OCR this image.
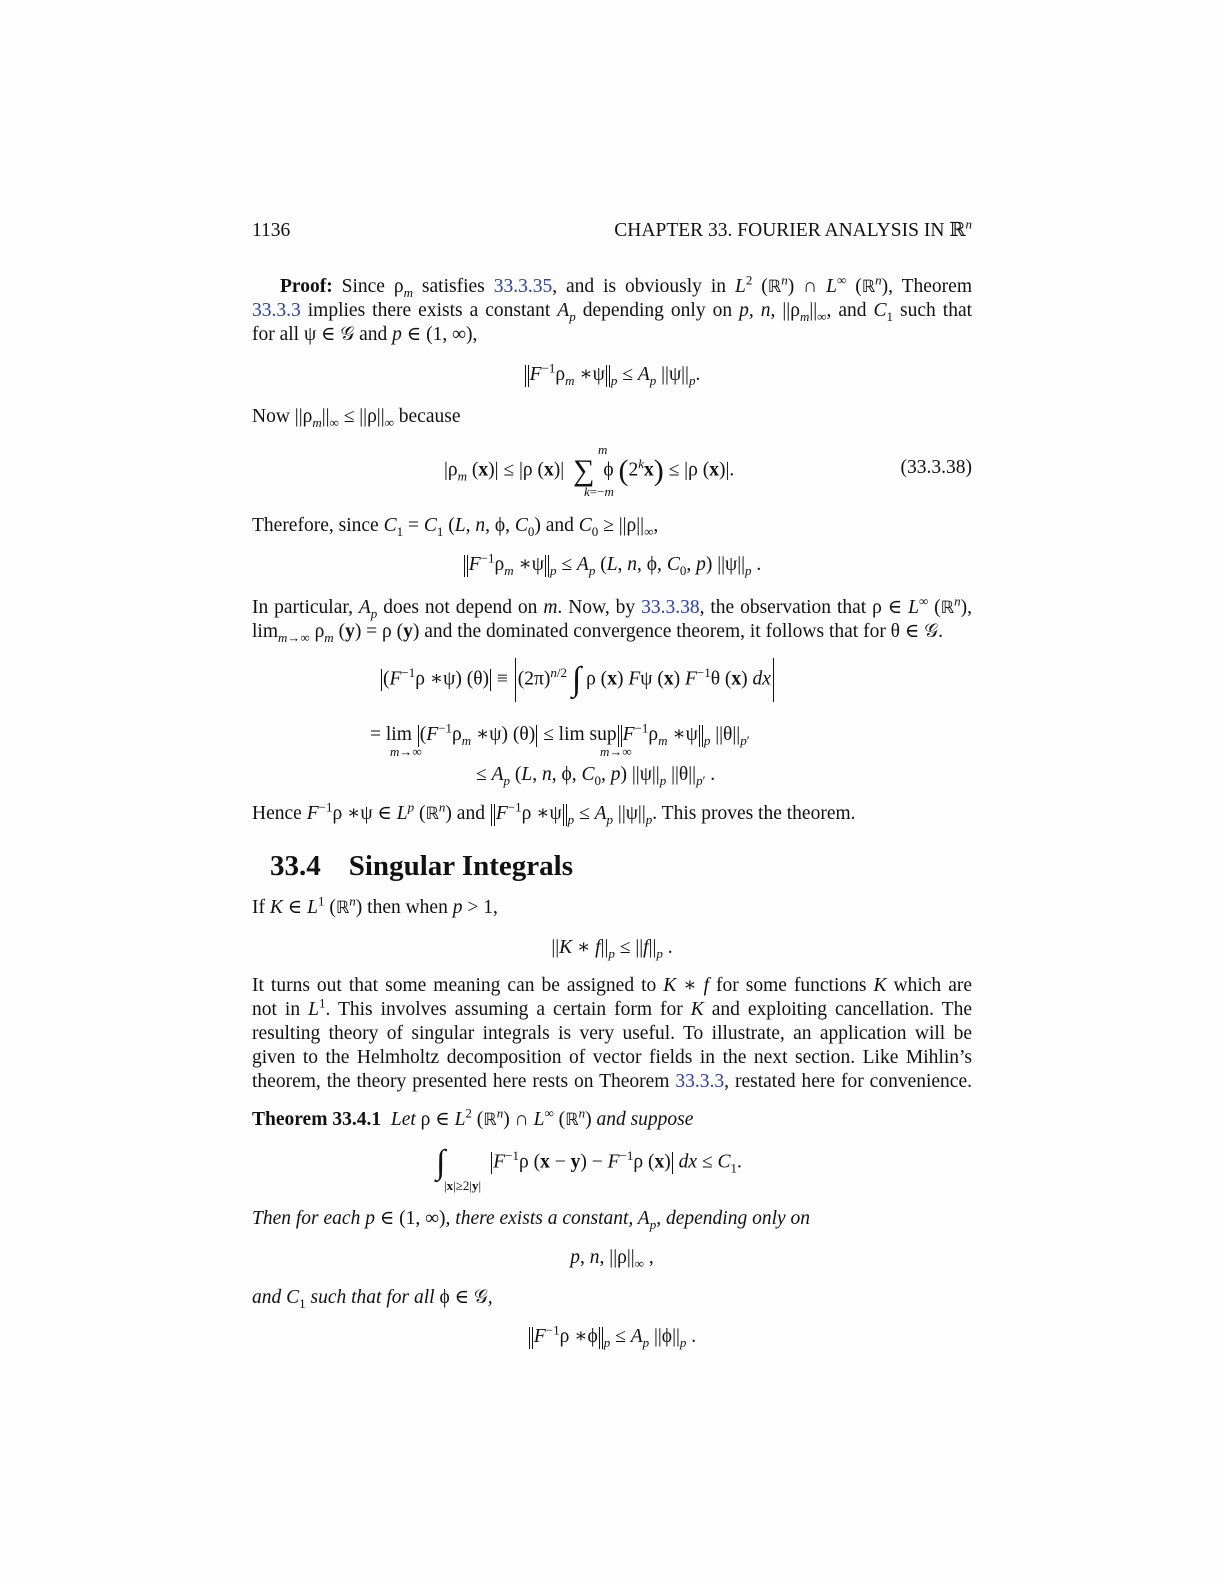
1136	CHAPTER 33. FOURIER ANALYSIS IN ℝ$^n$
Proof: Since $\rho_m$ satisfies 33.3.35, and is obviously in $L^2$ (ℝ$^n$) ∩ L∞ (ℝ$^n$), Theorem
33.3.3 implies there exists a constant $A_p$ depending only on p, n, $||\rho_m||_\infty$, and $C_1$ such that
for all ψ ∈ 𝒢 and p ∈ (1, ∞),
$F^{-1}\rho_m$ ∗ψ $_p \le A_p$ $||\psi||_p$.
Now $||\rho_m||_\infty \le ||\rho||_\infty$ because
$|\rho_m$ (x)| ≤ |ρ (x)| ∑ ϕ $(2^kx) \le |\rho$ (x)|.
m
k=−m
(33.3.38)
Therefore, since $C_1 = C_1$ (L, n, ϕ, $C_0$) and $C_0 \ge ||\rho||_\infty$,
$F^{-1}\rho_m$ ∗ψ $_p \le A_p$ (L, n, ϕ, $C_0$, p) $||\psi||_p$ .
In particular, $A_p$ does not depend on m. Now, by 33.3.38, the observation that ρ ∈ L∞ (ℝ$^n$),
$\lim_{m\to\infty} \rho_m$ (y) = ρ (y) and the dominated convergence theorem, it follows that for θ ∈ 𝒢.
($F^{-1}\rho$ ∗ψ) $(\theta) \equiv (2\pi)^{n/2}$ ∫ ρ (x) Fψ (x) $F^{-1}\theta$ (x) dx
= $\lim (F^{-1}\rho_m$ ∗ψ) (θ) ≤ lim sup $F^{-1}\rho_m$ ∗ψ $_p$ $||\theta||_{p'}$
m→∞	m→∞
≤ $A_p$ (L, n, ϕ, $C_0$, p) $||\psi||_p$ $||\theta||_{p'}$ .
Hence $F^{-1}\rho$ ∗ψ ∈ $L^p$ (ℝ$^n$) and $F^{-1}\rho$ ∗ψ $_p \le A_p$ $||\psi||_p$. This proves the theorem.
33.4 Singular Integrals
If K ∈ $L^1$ (ℝ$^n$) then when p > 1,
||K ∗ $f||_p \le ||f||_p$ .
It turns out that some meaning can be assigned to K ∗ f for some functions K which are
not in $L^1$. This involves assuming a certain form for K and exploiting cancellation. The
resulting theory of singular integrals is very useful. To illustrate, an application will be
given to the Helmholtz decomposition of vector fields in the next section. Like Mihlin’s
theorem, the theory presented here rests on Theorem 33.3.3, restated here for convenience.
Theorem 33.4.1 Let ρ ∈ $L^2$ (ℝ$^n$) ∩ L∞ (ℝ$^n$) and suppose
∫ $F^{-1}\rho$ $(x - y) - F^{-1}\rho$ (x) dx ≤ $C_1$.
|x|≥2|y|
Then for each p ∈ (1, ∞), there exists a constant, $A_p$, depending only on
p, n, $||\rho||_\infty$ ,
and $C_1$ such that for all ϕ ∈ 𝒢,
$F^{-1}\rho$ ∗ϕ $_p \le A_p$ $||\phi||_p$ .
